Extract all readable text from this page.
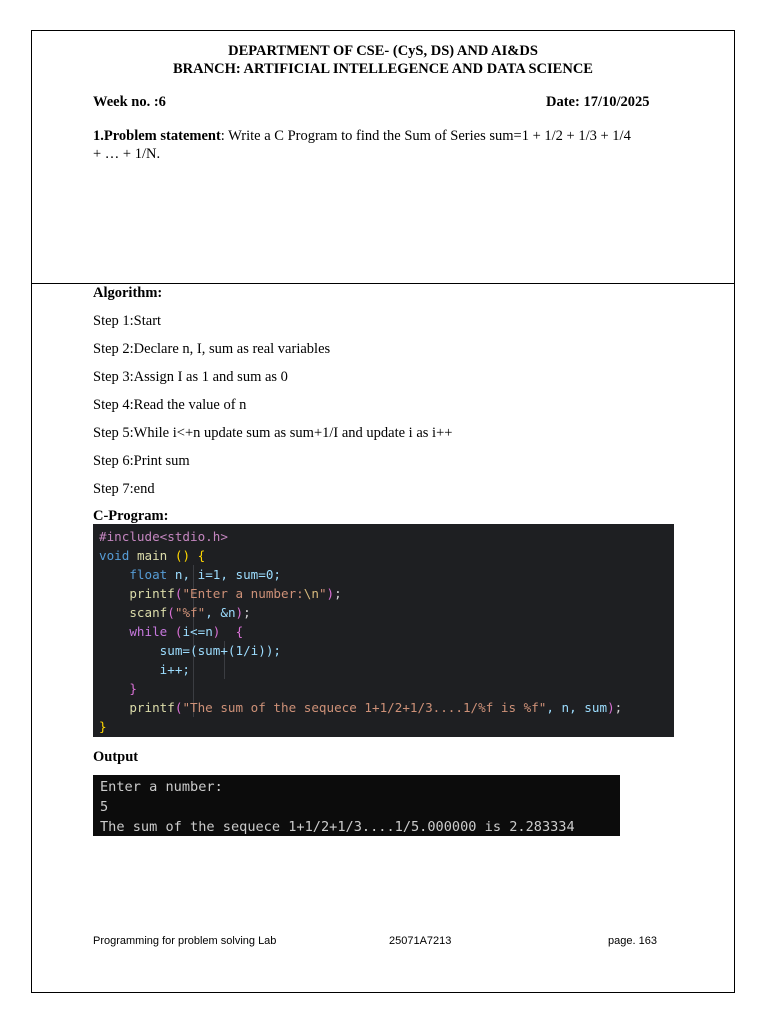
DEPARTMENT OF CSE- (CyS, DS) AND AI&DS
BRANCH: ARTIFICIAL INTELLEGENCE AND DATA SCIENCE
Week no. :6	Date: 17/10/2025
1.Problem statement: Write a C Program to find the Sum of Series sum=1 + 1/2 + 1/3 + 1/4
+ … + 1/N.
Algorithm:
Step 1:Start
Step 2:Declare n, I, sum as real variables
Step 3:Assign I as 1 and sum as 0
Step 4:Read the value of n
Step 5:While i<+n update sum as sum+1/I and update i as i++
Step 6:Print sum
Step 7:end
C-Program:
#include<stdio.h>
void main () {
float n, i=1, sum=0;
printf("Enter a number:\n");
scanf("%f", &n);
while (i<=n) {
sum=(sum+(1/i));
i++;
}
printf("The sum of the sequece 1+1/2+1/3....1/%f is %f", n, sum);
}
Output
Enter a number:
5
The sum of the sequece 1+1/2+1/3....1/5.000000 is 2.283334
Programming for problem solving Lab	25071A7213	page. 163
